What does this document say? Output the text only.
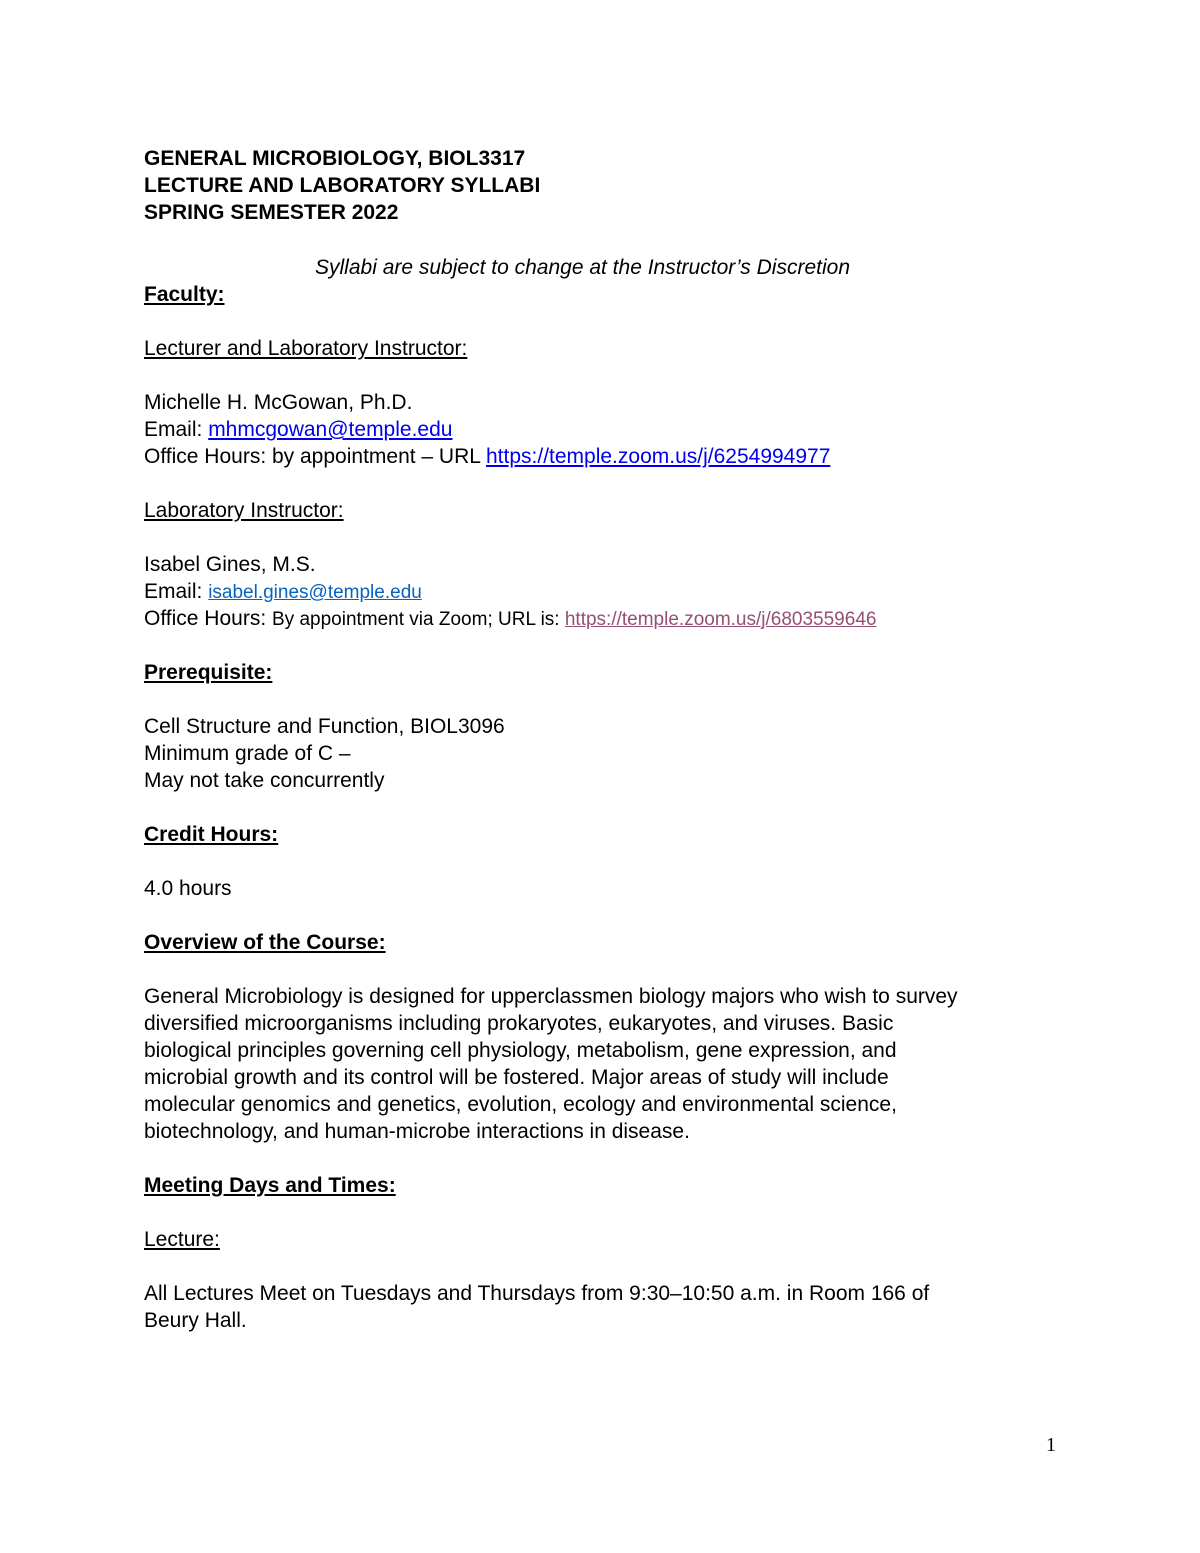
GENERAL MICROBIOLOGY, BIOL3317
LECTURE AND LABORATORY SYLLABI
SPRING SEMESTER 2022
Syllabi are subject to change at the Instructor’s Discretion
Faculty:
Lecturer and Laboratory Instructor:
Michelle H. McGowan, Ph.D.
Email: mhmcgowan@temple.edu
Office Hours: by appointment – URL https://temple.zoom.us/j/6254994977
Laboratory Instructor:
Isabel Gines, M.S.
Email: isabel.gines@temple.edu
Office Hours: By appointment via Zoom; URL is: https://temple.zoom.us/j/6803559646
Prerequisite:
Cell Structure and Function, BIOL3096
Minimum grade of C –
May not take concurrently
Credit Hours:
4.0 hours
Overview of the Course:
General Microbiology is designed for upperclassmen biology majors who wish to survey
diversified microorganisms including prokaryotes, eukaryotes, and viruses. Basic
biological principles governing cell physiology, metabolism, gene expression, and
microbial growth and its control will be fostered. Major areas of study will include
molecular genomics and genetics, evolution, ecology and environmental science,
biotechnology, and human-microbe interactions in disease.
Meeting Days and Times:
Lecture:
All Lectures Meet on Tuesdays and Thursdays from 9:30–10:50 a.m. in Room 166 of
Beury Hall.
1
